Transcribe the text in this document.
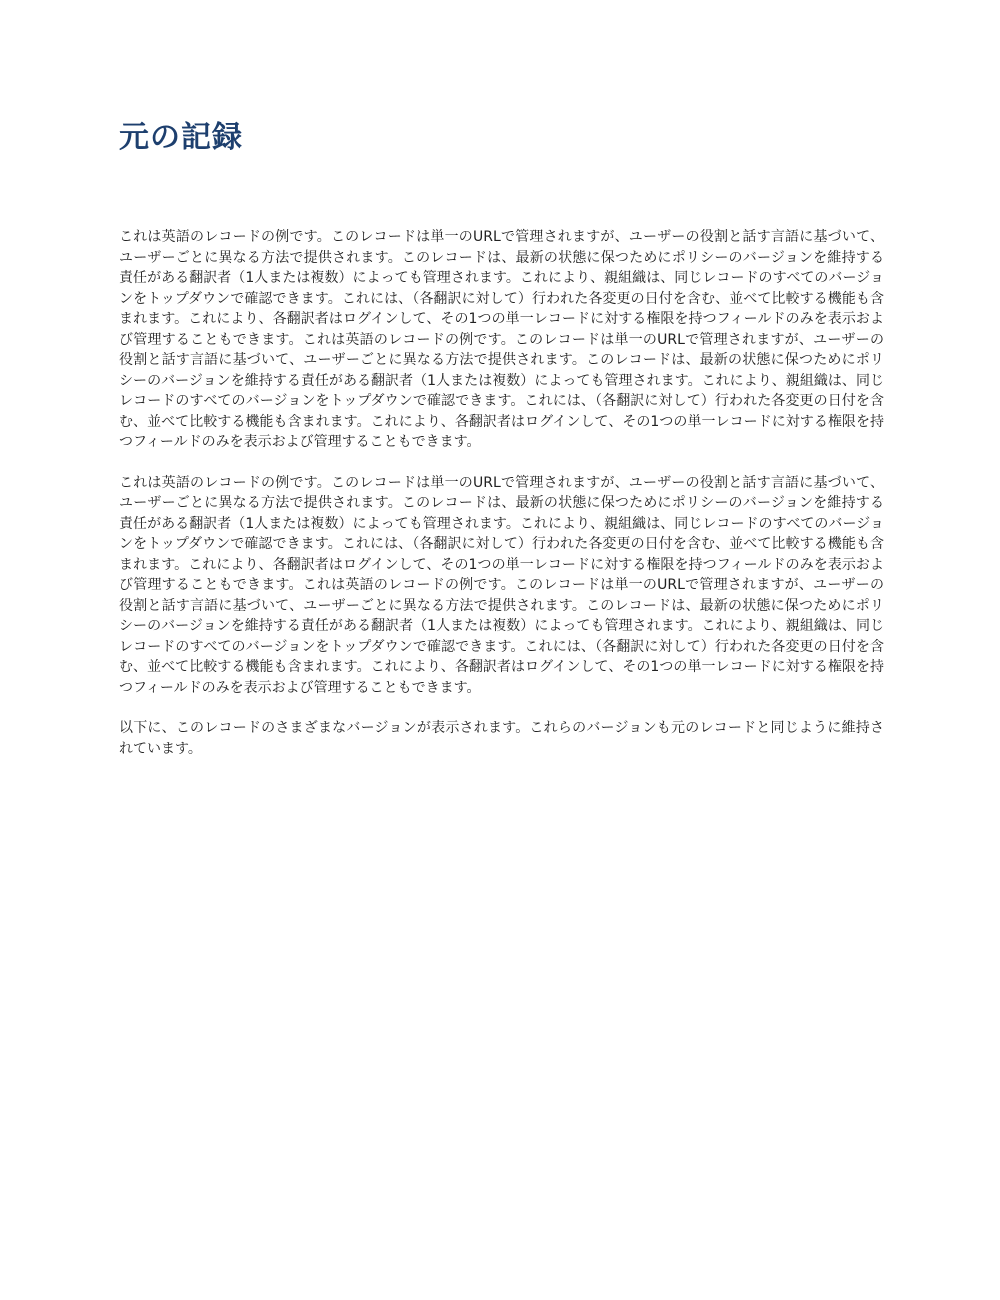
元の記録

これは英語のレコードの例です。このレコードは単一のURLで管理されますが、ユーザーの役割と話す言語に基づいて、ユーザーごとに異なる方法で提供されます。このレコードは、最新の状態に保つためにポリシーのバージョンを維持する責任がある翻訳者（1人または複数）によっても管理されます。これにより、親組織は、同じレコードのすべてのバージョンをトップダウンで確認できます。これには、（各翻訳に対して）行われた各変更の日付を含む、並べて比較する機能も含まれます。これにより、各翻訳者はログインして、その1つの単一レコードに対する権限を持つフィールドのみを表示および管理することもできます。これは英語のレコードの例です。このレコードは単一のURLで管理されますが、ユーザーの役割と話す言語に基づいて、ユーザーごとに異なる方法で提供されます。このレコードは、最新の状態に保つためにポリシーのバージョンを維持する責任がある翻訳者（1人または複数）によっても管理されます。これにより、親組織は、同じレコードのすべてのバージョンをトップダウンで確認できます。これには、（各翻訳に対して）行われた各変更の日付を含む、並べて比較する機能も含まれます。これにより、各翻訳者はログインして、その1つの単一レコードに対する権限を持つフィールドのみを表示および管理することもできます。

これは英語のレコードの例です。このレコードは単一のURLで管理されますが、ユーザーの役割と話す言語に基づいて、ユーザーごとに異なる方法で提供されます。このレコードは、最新の状態に保つためにポリシーのバージョンを維持する責任がある翻訳者（1人または複数）によっても管理されます。これにより、親組織は、同じレコードのすべてのバージョンをトップダウンで確認できます。これには、（各翻訳に対して）行われた各変更の日付を含む、並べて比較する機能も含まれます。これにより、各翻訳者はログインして、その1つの単一レコードに対する権限を持つフィールドのみを表示および管理することもできます。これは英語のレコードの例です。このレコードは単一のURLで管理されますが、ユーザーの役割と話す言語に基づいて、ユーザーごとに異なる方法で提供されます。このレコードは、最新の状態に保つためにポリシーのバージョンを維持する責任がある翻訳者（1人または複数）によっても管理されます。これにより、親組織は、同じレコードのすべてのバージョンをトップダウンで確認できます。これには、（各翻訳に対して）行われた各変更の日付を含む、並べて比較する機能も含まれます。これにより、各翻訳者はログインして、その1つの単一レコードに対する権限を持つフィールドのみを表示および管理することもできます。

以下に、このレコードのさまざまなバージョンが表示されます。これらのバージョンも元のレコードと同じように維持されています。
